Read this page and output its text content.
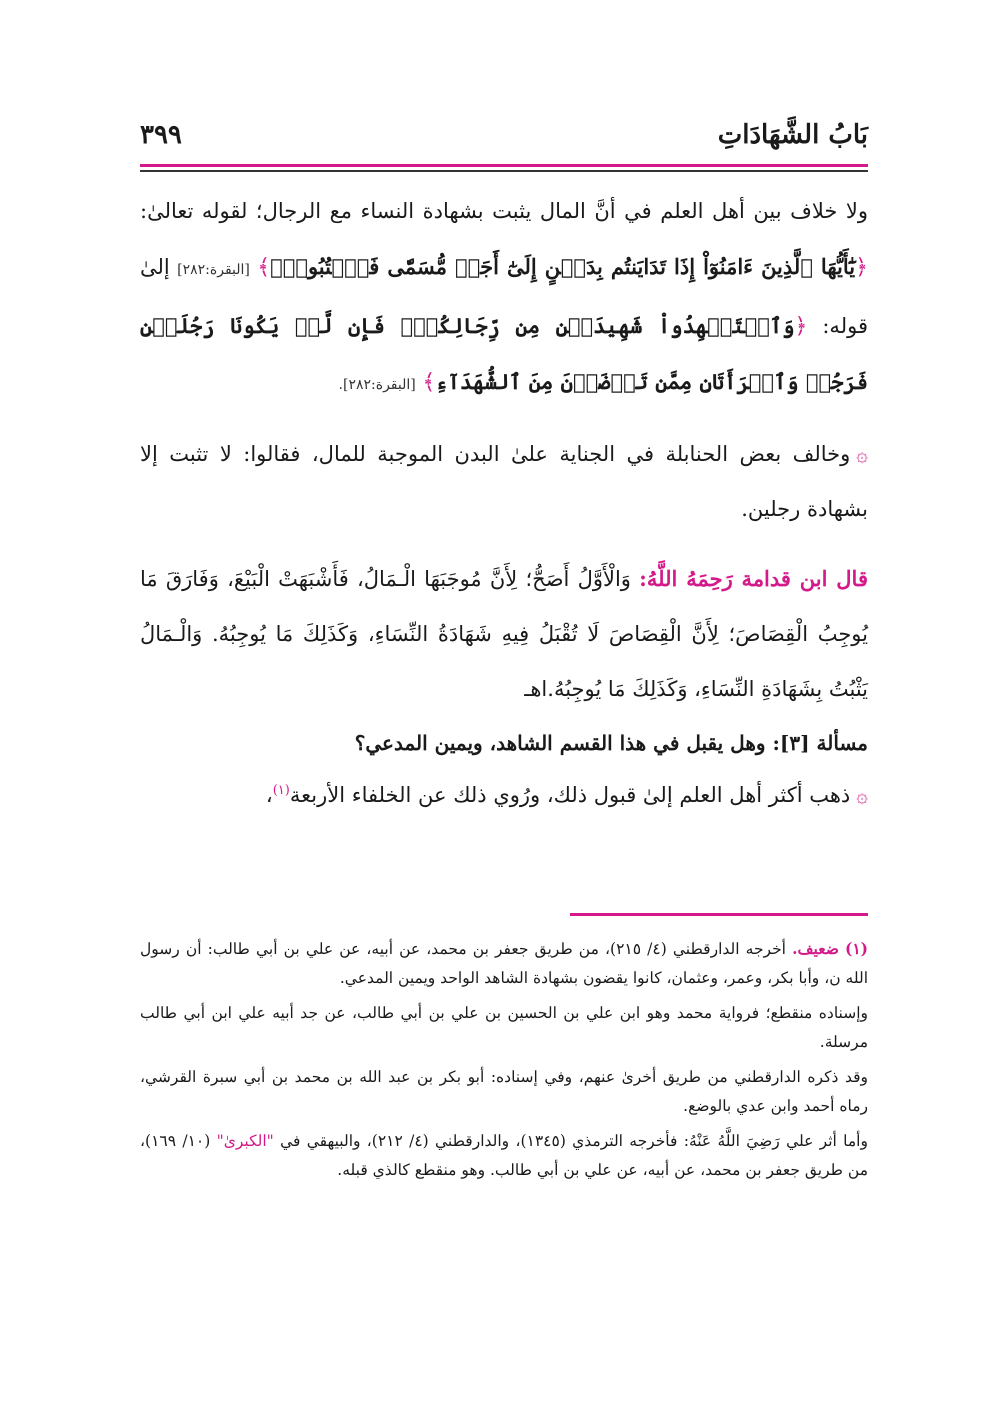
بَابُ الشَّهَادَاتِ
٣٩٩

ولا خلاف بين أهل العلم في أنَّ المال يثبت بشهادة النساء مع الرجال؛ لقوله تعالىٰ: ﴿يَٰٓأَيُّهَا ٱلَّذِينَ ءَامَنُوٓاْ إِذَا تَدَايَنتُم بِدَيۡنٍ إِلَىٰٓ أَجَلٖ مُّسَمّٗى فَٱكۡتُبُوهُۚ﴾ [البقرة:٢٨٢] إلىٰ قوله: ﴿وَٱسۡتَشۡهِدُواْ شَهِيدَيۡنِ مِن رِّجَالِكُمۡۖ فَإِن لَّمۡ يَكُونَا رَجُلَيۡنِ فَرَجُلٞ وَٱمۡرَأَتَانِ مِمَّن تَرۡضَوۡنَ مِنَ ٱلشُّهَدَآءِ﴾ [البقرة:٢٨٢].

۞وخالف بعض الحنابلة في الجناية علىٰ البدن الموجبة للمال، فقالوا: لا تثبت إلا بشهادة رجلين.

قال ابن قدامة رَحِمَهُ اللَّهُ: وَالْأَوَّلُ أَصَحُّ؛ لِأَنَّ مُوجَبَهَا الْـمَالُ، فَأَشْبَهَتْ الْبَيْعَ، وَفَارَقَ مَا يُوجِبُ الْقِصَاصَ؛ لِأَنَّ الْقِصَاصَ لَا تُقْبَلُ فِيهِ شَهَادَةُ النِّسَاءِ، وَكَذَلِكَ مَا يُوجِبُهُ. وَالْـمَالُ يَثْبُتُ بِشَهَادَةِ النِّسَاءِ، وَكَذَلِكَ مَا يُوجِبُهُ.اهـ

مسألة [٣]: وهل يقبل في هذا القسم الشاهد، ويمين المدعي؟

۞ذهب أكثر أهل العلم إلىٰ قبول ذلك، ورُوي ذلك عن الخلفاء الأربعة$^{(١)}$،

(١) ضعيف. أخرجه الدارقطني (٤/ ٢١٥)، من طريق جعفر بن محمد، عن أبيه، عن علي بن أبي طالب: أن رسول الله ن، وأبا بكر، وعمر، وعثمان، كانوا يقضون بشهادة الشاهد الواحد ويمين المدعي.

وإسناده منقطع؛ فرواية محمد وهو ابن علي بن الحسين بن علي بن أبي طالب، عن جد أبيه علي ابن أبي طالب مرسلة.

وقد ذكره الدارقطني من طريق أخرىٰ عنهم، وفي إسناده: أبو بكر بن عبد الله بن محمد بن أبي سبرة القرشي، رماه أحمد وابن عدي بالوضع.

وأما أثر علي رَضِيَ اللَّهُ عَنْهُ: فأخرجه الترمذي (١٣٤٥)، والدارقطني (٤/ ٢١٢)، والبيهقي في "الكبرىٰ" (١٠/ ١٦٩)، من طريق جعفر بن محمد، عن أبيه، عن علي بن أبي طالب. وهو منقطع كالذي قبله.
